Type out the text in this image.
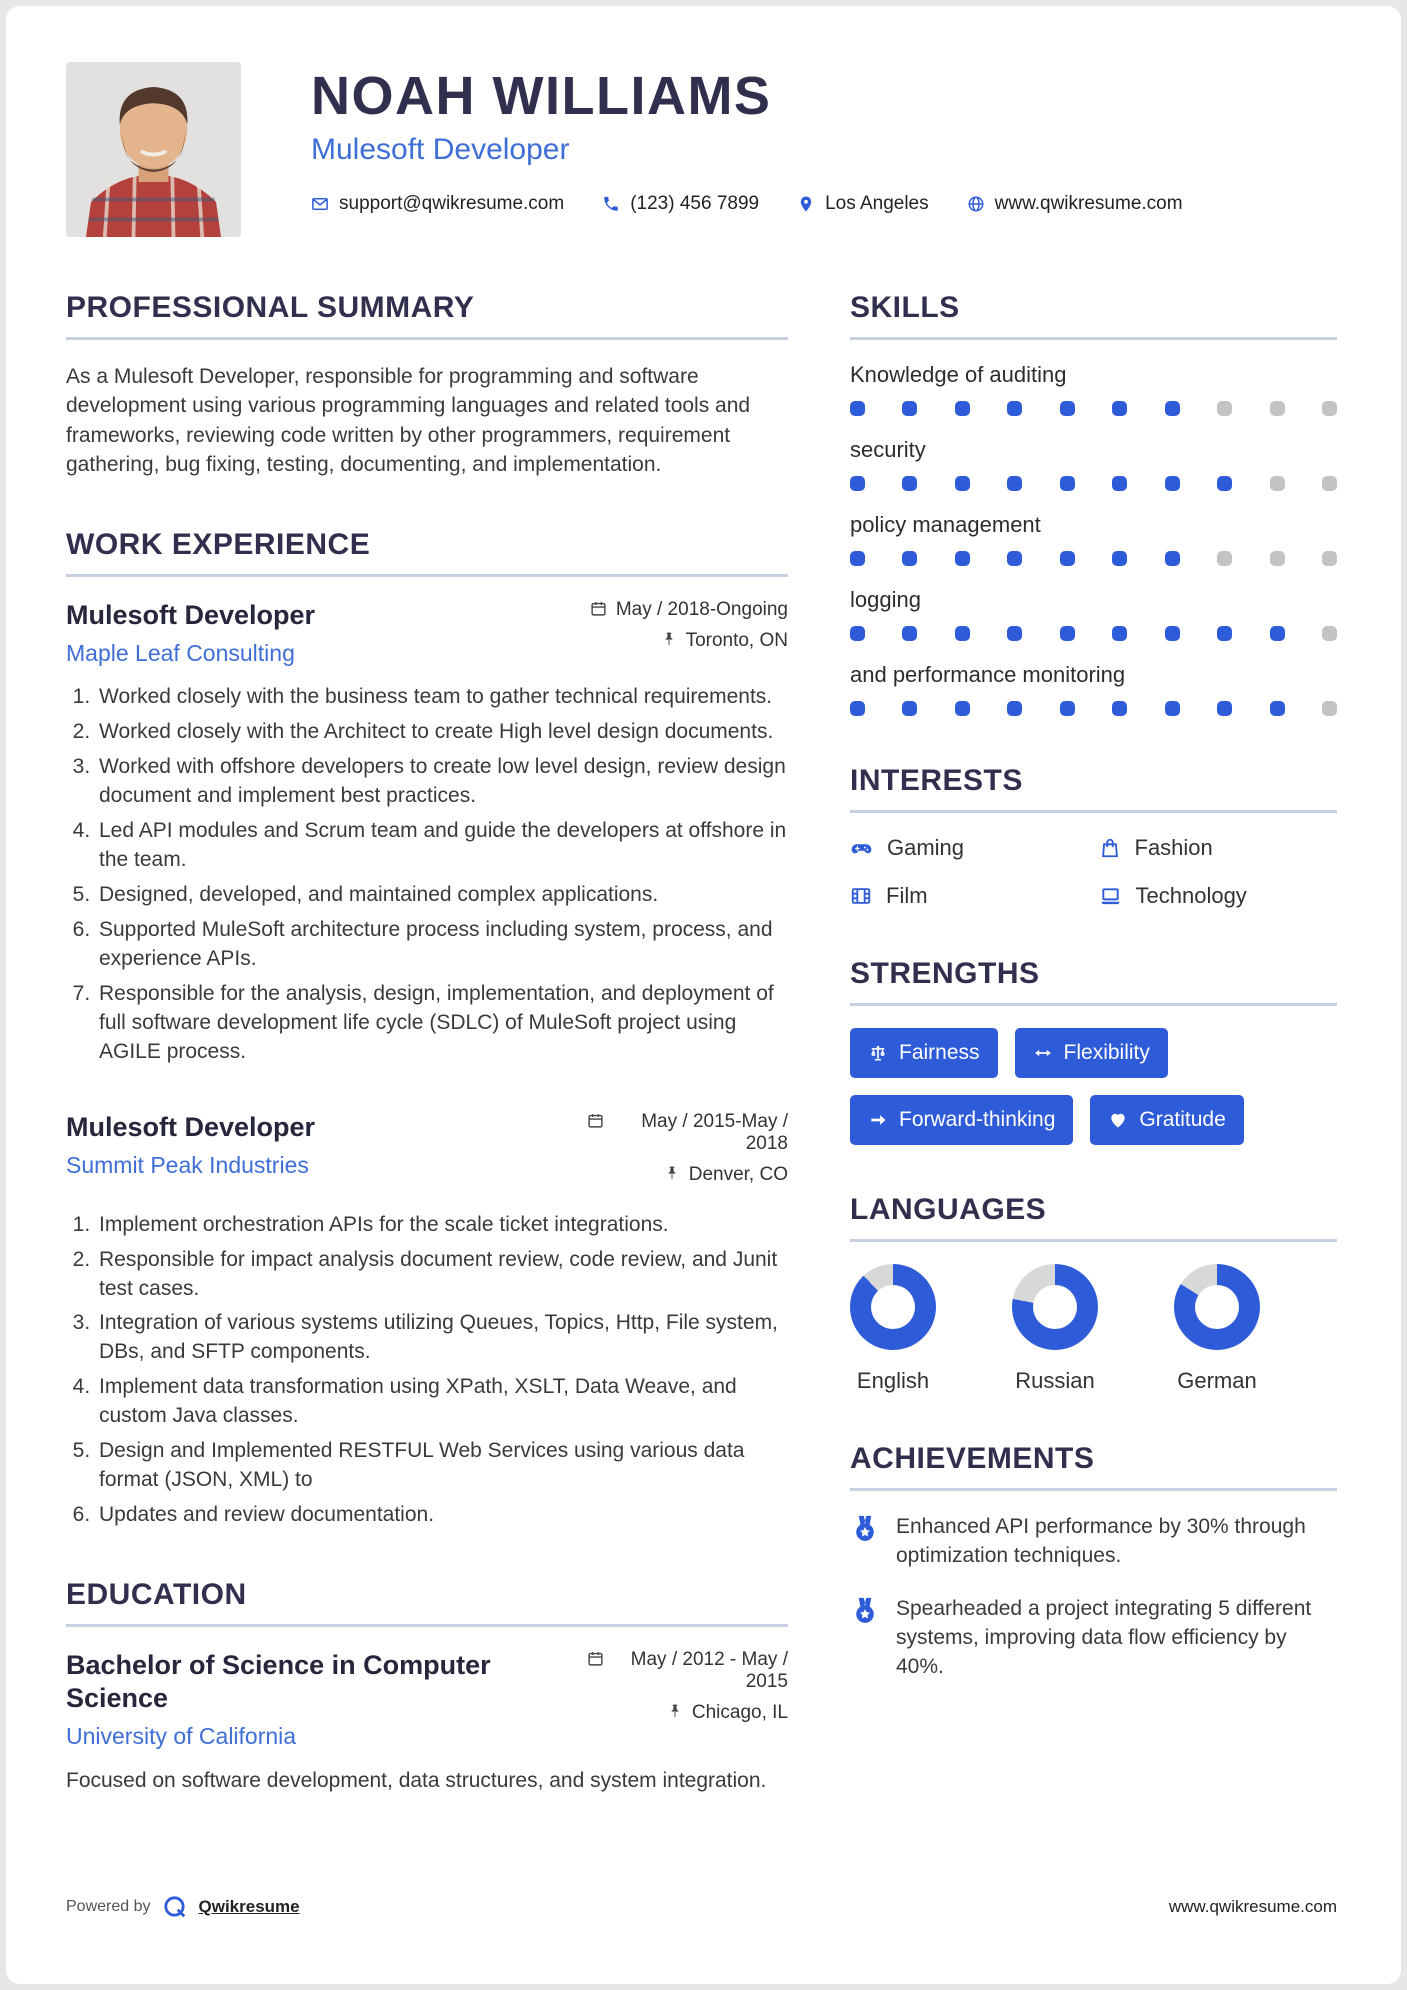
NOAH WILLIAMS
Mulesoft Developer
support@qwikresume.com	(123) 456 7899	Los Angeles	www.qwikresume.com
PROFESSIONAL SUMMARY

As a Mulesoft Developer, responsible for programming and software development using various programming languages and related tools and frameworks, reviewing code written by other programmers, requirement gathering, bug fixing, testing, documenting, and implementation.

WORK EXPERIENCE
Mulesoft Developer
Maple Leaf Consulting
May / 2018-Ongoing
Toronto, ON
1. Worked closely with the business team to gather technical requirements.
2. Worked closely with the Architect to create High level design documents.
3. Worked with offshore developers to create low level design, review design document and implement best practices.
4. Led API modules and Scrum team and guide the developers at offshore in the team.
5. Designed, developed, and maintained complex applications.
6. Supported MuleSoft architecture process including system, process, and experience APIs.
7. Responsible for the analysis, design, implementation, and deployment of full software development life cycle (SDLC) of MuleSoft project using AGILE process.
Mulesoft Developer
Summit Peak Industries
May / 2015-May / 2018
Denver, CO
1. Implement orchestration APIs for the scale ticket integrations.
2. Responsible for impact analysis document review, code review, and Junit test cases.
3. Integration of various systems utilizing Queues, Topics, Http, File system, DBs, and SFTP components.
4. Implement data transformation using XPath, XSLT, Data Weave, and custom Java classes.
5. Design and Implemented RESTFUL Web Services using various data format (JSON, XML) to
6. Updates and review documentation.
EDUCATION
Bachelor of Science in Computer Science
University of California
May / 2012 - May / 2015
Chicago, IL

Focused on software development, data structures, and system integration.

SKILLS
Knowledge of auditing
security
policy management
logging
and performance monitoring
INTERESTS
Gaming	Fashion
Film	Technology
STRENGTHS
Fairness	Flexibility
Forward-thinking	Gratitude
LANGUAGES
English	Russian	German
ACHIEVEMENTS
Enhanced API performance by 30% through optimization techniques.
Spearheaded a project integrating 5 different systems, improving data flow efficiency by 40%.
Powered by	Qwikresume	www.qwikresume.com
